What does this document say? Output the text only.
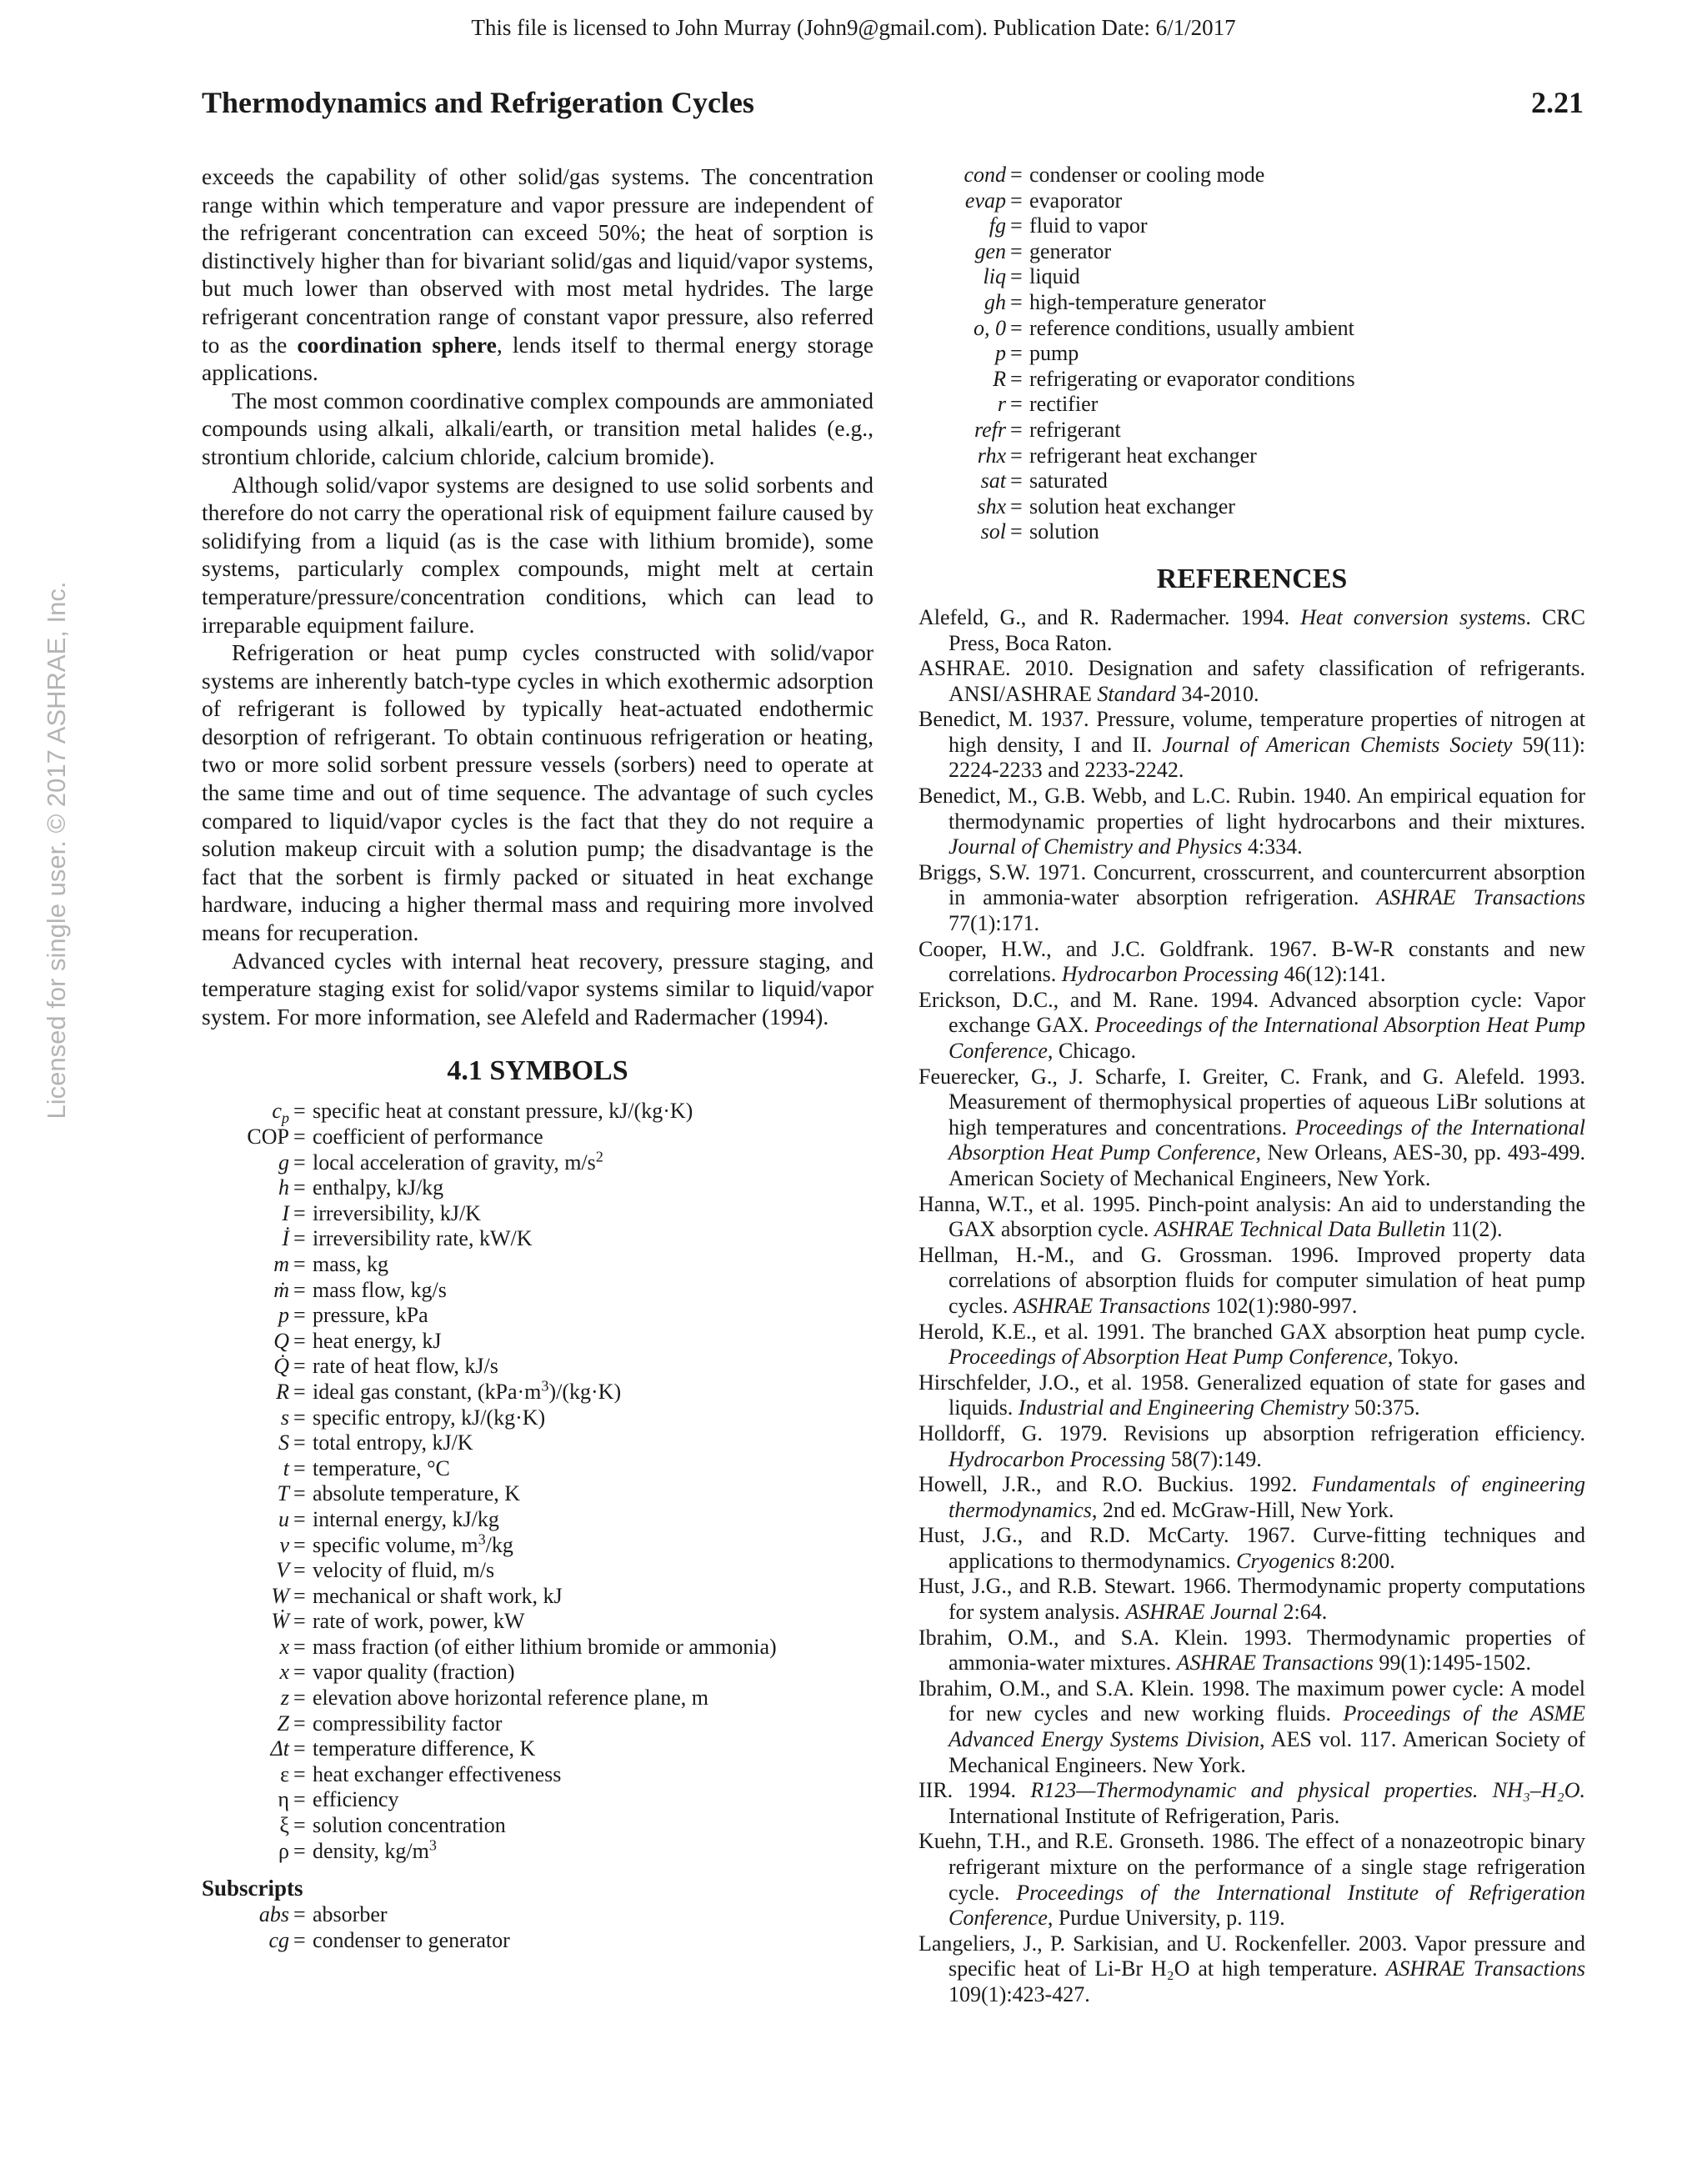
This file is licensed to John Murray (John9@gmail.com). Publication Date: 6/1/2017
Licensed for single user. © 2017 ASHRAE, Inc.
Thermodynamics and Refrigeration Cycles	2.21

exceeds the capability of other solid/gas systems. The concentration range within which temperature and vapor pressure are independent of the refrigerant concentration can exceed 50%; the heat of sorption is distinctively higher than for bivariant solid/gas and liquid/vapor systems, but much lower than observed with most metal hydrides. The large refrigerant concentration range of constant vapor pressure, also referred to as the coordination sphere, lends itself to thermal energy storage applications.

The most common coordinative complex compounds are ammoniated compounds using alkali, alkali/earth, or transition metal halides (e.g., strontium chloride, calcium chloride, calcium bromide).

Although solid/vapor systems are designed to use solid sorbents and therefore do not carry the operational risk of equipment failure caused by solidifying from a liquid (as is the case with lithium bromide), some systems, particularly complex compounds, might melt at certain temperature/pressure/concentration conditions, which can lead to irreparable equipment failure.

Refrigeration or heat pump cycles constructed with solid/vapor systems are inherently batch-type cycles in which exothermic adsorption of refrigerant is followed by typically heat-actuated endothermic desorption of refrigerant. To obtain continuous refrigeration or heating, two or more solid sorbent pressure vessels (sorbers) need to operate at the same time and out of time sequence. The advantage of such cycles compared to liquid/vapor cycles is the fact that they do not require a solution makeup circuit with a solution pump; the disadvantage is the fact that the sorbent is firmly packed or situated in heat exchange hardware, inducing a higher thermal mass and requiring more involved means for recuperation.

Advanced cycles with internal heat recovery, pressure staging, and temperature staging exist for solid/vapor systems similar to liquid/vapor system. For more information, see Alefeld and Radermacher (1994).

4.1 SYMBOLS
$c_p$ = specific heat at constant pressure, kJ/(kg·K)
COP = coefficient of performance
g = local acceleration of gravity, $m/s^2$
h = enthalpy, kJ/kg
I = irreversibility, kJ/K
İ = irreversibility rate, kW/K
m = mass, kg
ṁ = mass flow, kg/s
p = pressure, kPa
Q = heat energy, kJ
Q̇ = rate of heat flow, kJ/s
R = ideal gas constant, $(kPa\cdot m^3)/(kg\cdot K)$
s = specific entropy, kJ/(kg·K)
S = total entropy, kJ/K
t = temperature, °C
T = absolute temperature, K
u = internal energy, kJ/kg
v = specific volume, $m^3/kg$
V = velocity of fluid, m/s
W = mechanical or shaft work, kJ
Ẇ = rate of work, power, kW
x = mass fraction (of either lithium bromide or ammonia)
x = vapor quality (fraction)
z = elevation above horizontal reference plane, m
Z = compressibility factor
Δt = temperature difference, K
ε = heat exchanger effectiveness
η = efficiency
ξ = solution concentration
ρ = density, $kg/m^3$
Subscripts
abs = absorber
cg = condenser to generator
cond = condenser or cooling mode
evap = evaporator
fg = fluid to vapor
gen = generator
liq = liquid
gh = high-temperature generator
o, 0 = reference conditions, usually ambient
p = pump
R = refrigerating or evaporator conditions
r = rectifier
refr = refrigerant
rhx = refrigerant heat exchanger
sat = saturated
shx = solution heat exchanger
sol = solution
REFERENCES

Alefeld, G., and R. Radermacher. 1994. Heat conversion systems. CRC Press, Boca Raton.

ASHRAE. 2010. Designation and safety classification of refrigerants. ANSI/ASHRAE Standard 34-2010.

Benedict, M. 1937. Pressure, volume, temperature properties of nitrogen at high density, I and II. Journal of American Chemists Society 59(11): 2224-2233 and 2233-2242.

Benedict, M., G.B. Webb, and L.C. Rubin. 1940. An empirical equation for thermodynamic properties of light hydrocarbons and their mixtures. Journal of Chemistry and Physics 4:334.

Briggs, S.W. 1971. Concurrent, crosscurrent, and countercurrent absorption in ammonia-water absorption refrigeration. ASHRAE Transactions 77(1):171.

Cooper, H.W., and J.C. Goldfrank. 1967. B-W-R constants and new correlations. Hydrocarbon Processing 46(12):141.

Erickson, D.C., and M. Rane. 1994. Advanced absorption cycle: Vapor exchange GAX. Proceedings of the International Absorption Heat Pump Conference, Chicago.

Feuerecker, G., J. Scharfe, I. Greiter, C. Frank, and G. Alefeld. 1993. Measurement of thermophysical properties of aqueous LiBr solutions at high temperatures and concentrations. Proceedings of the International Absorption Heat Pump Conference, New Orleans, AES-30, pp. 493-499. American Society of Mechanical Engineers, New York.

Hanna, W.T., et al. 1995. Pinch-point analysis: An aid to understanding the GAX absorption cycle. ASHRAE Technical Data Bulletin 11(2).

Hellman, H.-M., and G. Grossman. 1996. Improved property data correlations of absorption fluids for computer simulation of heat pump cycles. ASHRAE Transactions 102(1):980-997.

Herold, K.E., et al. 1991. The branched GAX absorption heat pump cycle. Proceedings of Absorption Heat Pump Conference, Tokyo.

Hirschfelder, J.O., et al. 1958. Generalized equation of state for gases and liquids. Industrial and Engineering Chemistry 50:375.

Holldorff, G. 1979. Revisions up absorption refrigeration efficiency. Hydrocarbon Processing 58(7):149.

Howell, J.R., and R.O. Buckius. 1992. Fundamentals of engineering thermodynamics, 2nd ed. McGraw-Hill, New York.

Hust, J.G., and R.D. McCarty. 1967. Curve-fitting techniques and applications to thermodynamics. Cryogenics 8:200.

Hust, J.G., and R.B. Stewart. 1966. Thermodynamic property computations for system analysis. ASHRAE Journal 2:64.

Ibrahim, O.M., and S.A. Klein. 1993. Thermodynamic properties of ammonia-water mixtures. ASHRAE Transactions 99(1):1495-1502.

Ibrahim, O.M., and S.A. Klein. 1998. The maximum power cycle: A model for new cycles and new working fluids. Proceedings of the ASME Advanced Energy Systems Division, AES vol. 117. American Society of Mechanical Engineers. New York.

IIR. 1994. R123—Thermodynamic and physical properties. NH₃–H₂O. International Institute of Refrigeration, Paris.

Kuehn, T.H., and R.E. Gronseth. 1986. The effect of a nonazeotropic binary refrigerant mixture on the performance of a single stage refrigeration cycle. Proceedings of the International Institute of Refrigeration Conference, Purdue University, p. 119.

Langeliers, J., P. Sarkisian, and U. Rockenfeller. 2003. Vapor pressure and specific heat of Li-Br H₂O at high temperature. ASHRAE Transactions 109(1):423-427.
